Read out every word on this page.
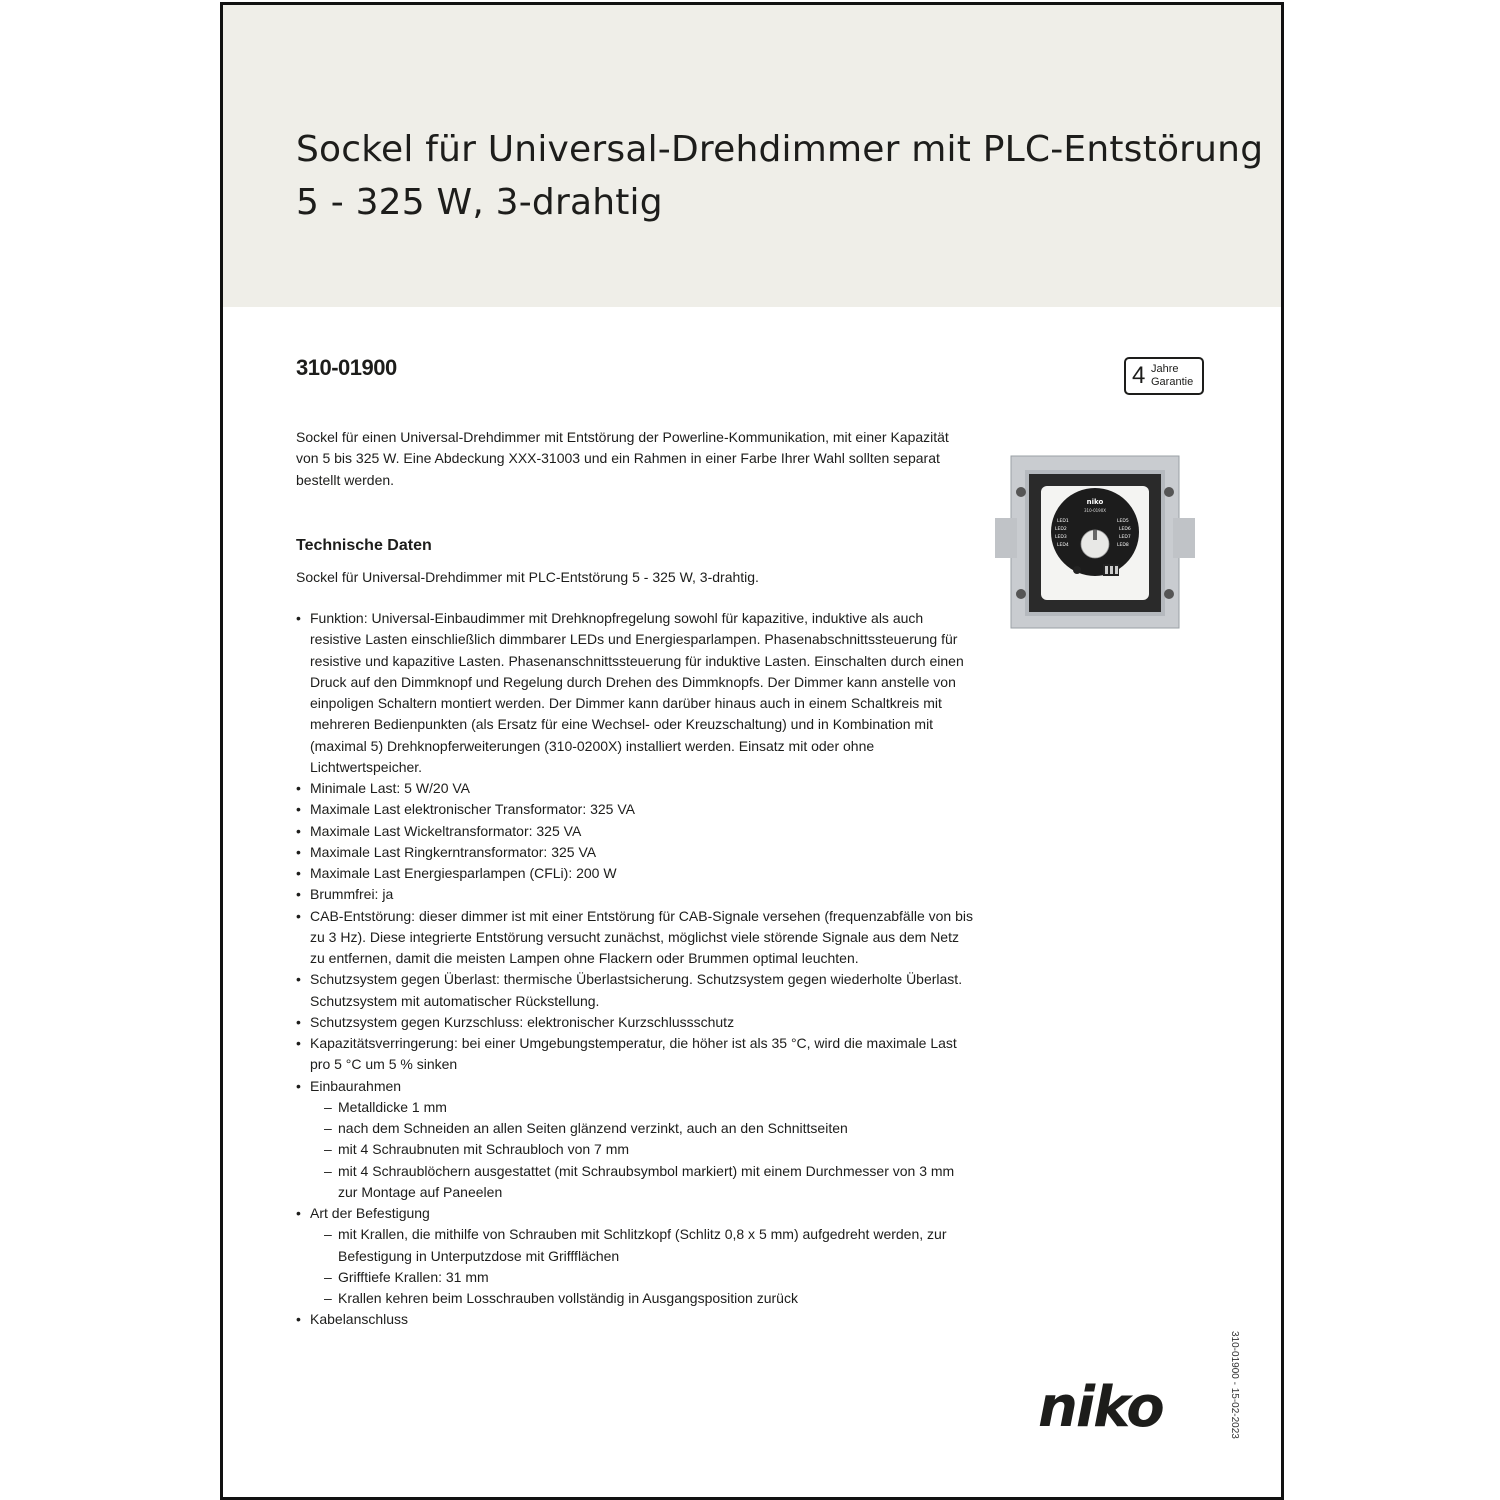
Sockel für Universal-Drehdimmer mit PLC-Entstörung
5 - 325 W, 3-drahtig
310-01900	4 Jahre
Garantie

Sockel für einen Universal-Drehdimmer mit Entstörung der Powerline-Kommunikation, mit einer Kapazität von 5 bis 325 W. Eine Abdeckung XXX-31003 und ein Rahmen in einer Farbe Ihrer Wahl sollten separat bestellt werden.

niko
310-0190X
LED1
LED2
LED3
LED4
LED5
LED6
LED7
LED8
Technische Daten

Sockel für Universal-Drehdimmer mit PLC-Entstörung 5 - 325 W, 3-drahtig.

• Funktion: Universal-Einbaudimmer mit Drehknopfregelung sowohl für kapazitive, induktive als auch resistive Lasten einschließlich dimmbarer LEDs und Energiesparlampen. Phasenabschnittssteuerung für resistive und kapazitive Lasten. Phasenanschnittssteuerung für induktive Lasten. Einschalten durch einen Druck auf den Dimmknopf und Regelung durch Drehen des Dimmknopfs. Der Dimmer kann anstelle von einpoligen Schaltern montiert werden. Der Dimmer kann darüber hinaus auch in einem Schaltkreis mit mehreren Bedienpunkten (als Ersatz für eine Wechsel- oder Kreuzschaltung) und in Kombination mit (maximal 5) Drehknopferweiterungen (310-0200X) installiert werden. Einsatz mit oder ohne Lichtwertspeicher.
• Minimale Last: 5 W/20 VA
• Maximale Last elektronischer Transformator: 325 VA
• Maximale Last Wickeltransformator: 325 VA
• Maximale Last Ringkerntransformator: 325 VA
• Maximale Last Energiesparlampen (CFLi): 200 W
• Brummfrei: ja
• CAB-Entstörung: dieser dimmer ist mit einer Entstörung für CAB-Signale versehen (frequenzabfälle von bis zu 3 Hz). Diese integrierte Entstörung versucht zunächst, möglichst viele störende Signale aus dem Netz zu entfernen, damit die meisten Lampen ohne Flackern oder Brummen optimal leuchten.
• Schutzsystem gegen Überlast: thermische Überlastsicherung. Schutzsystem gegen wiederholte Überlast. Schutzsystem mit automatischer Rückstellung.
• Schutzsystem gegen Kurzschluss: elektronischer Kurzschlussschutz
• Kapazitätsverringerung: bei einer Umgebungstemperatur, die höher ist als 35 °C, wird die maximale Last pro 5 °C um 5 % sinken
• Einbaurahmen
– Metalldicke 1 mm
– nach dem Schneiden an allen Seiten glänzend verzinkt, auch an den Schnittseiten
– mit 4 Schraubnuten mit Schraubloch von 7 mm
– mit 4 Schraublöchern ausgestattet (mit Schraubsymbol markiert) mit einem Durchmesser von 3 mm zur Montage auf Paneelen
• Art der Befestigung
– mit Krallen, die mithilfe von Schrauben mit Schlitzkopf (Schlitz 0,8 x 5 mm) aufgedreht werden, zur Befestigung in Unterputzdose mit Griffflächen
– Grifftiefe Krallen: 31 mm
– Krallen kehren beim Losschrauben vollständig in Ausgangsposition zurück
• Kabelanschluss
310-01900 - 15-02-2023
niko
